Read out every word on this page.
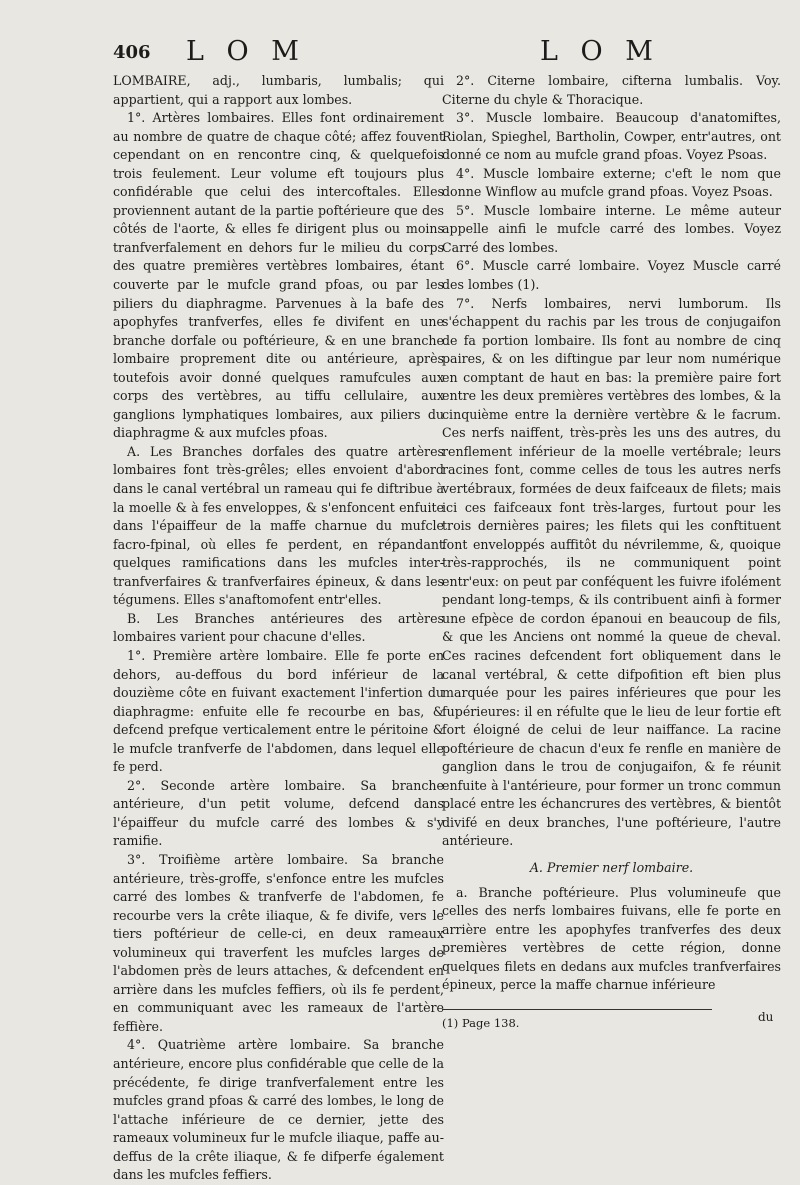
406 L O M	L O M

LOMBAIRE, adj., lumbaris, lumbalis; qui appartient, qui a rapport aux lombes.

1°. Artères lombaires. Elles font ordinairement au nombre de quatre de chaque côté; affez fouvent cependant on en rencontre cinq, & quelquefois trois feulement. Leur volume eft toujours plus confidérable que celui des intercoftales. Elles proviennent autant de la partie poftérieure que des côtés de l'aorte, & elles fe dirigent plus ou moins tranfverfalement en dehors fur le milieu du corps des quatre premières vertèbres lombaires, étant couverte par le mufcle grand pfoas, ou par les piliers du diaphragme. Parvenues à la bafe des apophyfes tranfverfes, elles fe divifent en une branche dorfale ou poftérieure, & en une branche lombaire proprement dite ou antérieure, après toutefois avoir donné quelques ramufcules aux corps des vertèbres, au tiffu cellulaire, aux ganglions lymphatiques lombaires, aux piliers du diaphragme & aux mufcles pfoas.

A. Les Branches dorfales des quatre artères lombaires font très-grêles; elles envoient d'abord dans le canal vertébral un rameau qui fe diftribue à la moelle & à fes enveloppes, & s'enfoncent enfuite dans l'épaiffeur de la maffe charnue du mufcle facro-fpinal, où elles fe perdent, en répandant quelques ramifications dans les mufcles inter-tranfverfaires & tranfverfaires épineux, & dans les tégumens. Elles s'anaftomofent entr'elles.

B. Les Branches antérieures des artères lombaires varient pour chacune d'elles.

1°. Première artère lombaire. Elle fe porte en dehors, au-deffous du bord inférieur de la douzième côte en fuivant exactement l'infertion du diaphragme: enfuite elle fe recourbe en bas, & defcend prefque verticalement entre le péritoine & le mufcle tranfverfe de l'abdomen, dans lequel elle fe perd.

2°. Seconde artère lombaire. Sa branche antérieure, d'un petit volume, defcend dans l'épaiffeur du mufcle carré des lombes & s'y ramifie.

3°. Troifième artère lombaire. Sa branche antérieure, très-groffe, s'enfonce entre les mufcles carré des lombes & tranfverfe de l'abdomen, fe recourbe vers la crête iliaque, & fe divife, vers le tiers poftérieur de celle-ci, en deux rameaux volumineux qui traverfent les mufcles larges de l'abdomen près de leurs attaches, & defcendent en arrière dans les mufcles feffiers, où ils fe perdent, en communiquant avec les rameaux de l'artère feffière.

4°. Quatrième artère lombaire. Sa branche antérieure, encore plus confidérable que celle de la précédente, fe dirige tranfverfalement entre les mufcles grand pfoas & carré des lombes, le long de l'attache inférieure de ce dernier, jette des rameaux volumineux fur le mufcle iliaque, paffe au-deffus de la crête iliaque, & fe difperfe également dans les mufcles feffiers.

2°. Citerne lombaire, cifterna lumbalis. Voy. Citerne du chyle & Thoracique.

3°. Muscle lombaire. Beaucoup d'anatomiftes, Riolan, Spieghel, Bartholin, Cowper, entr'autres, ont donné ce nom au mufcle grand pfoas. Voyez Psoas.

4°. Muscle lombaire externe; c'eft le nom que donne Winflow au mufcle grand pfoas. Voyez Psoas.

5°. Muscle lombaire interne. Le même auteur appelle ainfi le mufcle carré des lombes. Voyez Carré des lombes.

6°. Muscle carré lombaire. Voyez Muscle carré des lombes (1).

7°. Nerfs lombaires, nervi lumborum. Ils s'échappent du rachis par les trous de conjugaifon de fa portion lombaire. Ils font au nombre de cinq paires, & on les diftingue par leur nom numérique en comptant de haut en bas: la première paire fort entre les deux premières vertèbres des lombes, & la cinquième entre la dernière vertèbre & le facrum. Ces nerfs naiffent, très-près les uns des autres, du renflement inférieur de la moelle vertébrale; leurs racines font, comme celles de tous les autres nerfs vertébraux, formées de deux faifceaux de filets; mais ici ces faifceaux font très-larges, furtout pour les trois dernières paires; les filets qui les conftituent font enveloppés auffitôt du névrilemme, &, quoique très-rapprochés, ils ne communiquent point entr'eux: on peut par conféquent les fuivre ifolément pendant long-temps, & ils contribuent ainfi à former une efpèce de cordon épanoui en beaucoup de fils, & que les Anciens ont nommé la queue de cheval. Ces racines defcendent fort obliquement dans le canal vertébral, & cette difpofition eft bien plus marquée pour les paires inférieures que pour les fupérieures: il en réfulte que le lieu de leur fortie eft fort éloigné de celui de leur naiffance. La racine poftérieure de chacun d'eux fe renfle en manière de ganglion dans le trou de conjugaifon, & fe réunit enfuite à l'antérieure, pour former un tronc commun placé entre les échancrures des vertèbres, & bientôt divifé en deux branches, l'une poftérieure, l'autre antérieure.

A. Premier nerf lombaire.

a. Branche poftérieure. Plus volumineufe que celles des nerfs lombaires fuivans, elle fe porte en arrière entre les apophyfes tranfverfes des deux premières vertèbres de cette région, donne quelques filets en dedans aux mufcles tranfverfaires épineux, perce la maffe charnue inférieure

(1) Page 138.	du
